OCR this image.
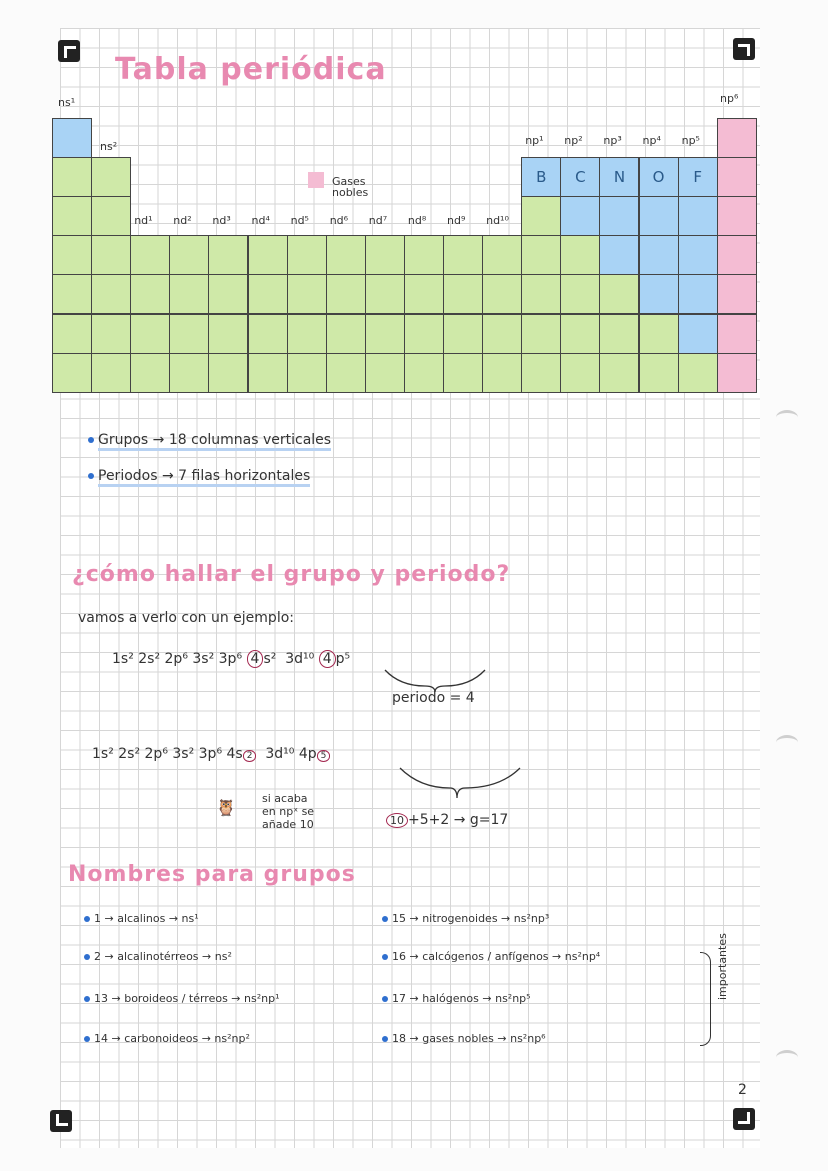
Tabla periódica
B	C	N	O	F
ns¹
ns²
np⁶
nd¹ nd² nd³ nd⁴ nd⁵ nd⁶ nd⁷ nd⁸ nd⁹ nd¹⁰
np¹ np² np³ np⁴ np⁵
Gases nobles
Grupos → 18 columnas verticales
Periodos → 7 filas horizontales
¿cómo hallar el grupo y periodo?
vamos a verlo con un ejemplo:
1s² 2s² 2p⁶ 3s² 3p⁶ 4 s² 3d¹⁰ 4 p⁵
periodo = 4
1s² 2s² 2p⁶ 3s² 3p⁶ 4s 2 3d¹⁰ 4p 5
🦉 si acaba
en npˣ se
añade 10	10 +5+2 → g=17
Nombres para grupos
1 → alcalinos → ns¹
2 → alcalinotérreos → ns²
13 → boroideos / térreos → ns²np¹
14 → carbonoideos → ns²np²
15 → nitrogenoides → ns²np³
16 → calcógenos / anfígenos → ns²np⁴
17 → halógenos → ns²np⁵
18 → gases nobles → ns²np⁶
importantes
2
